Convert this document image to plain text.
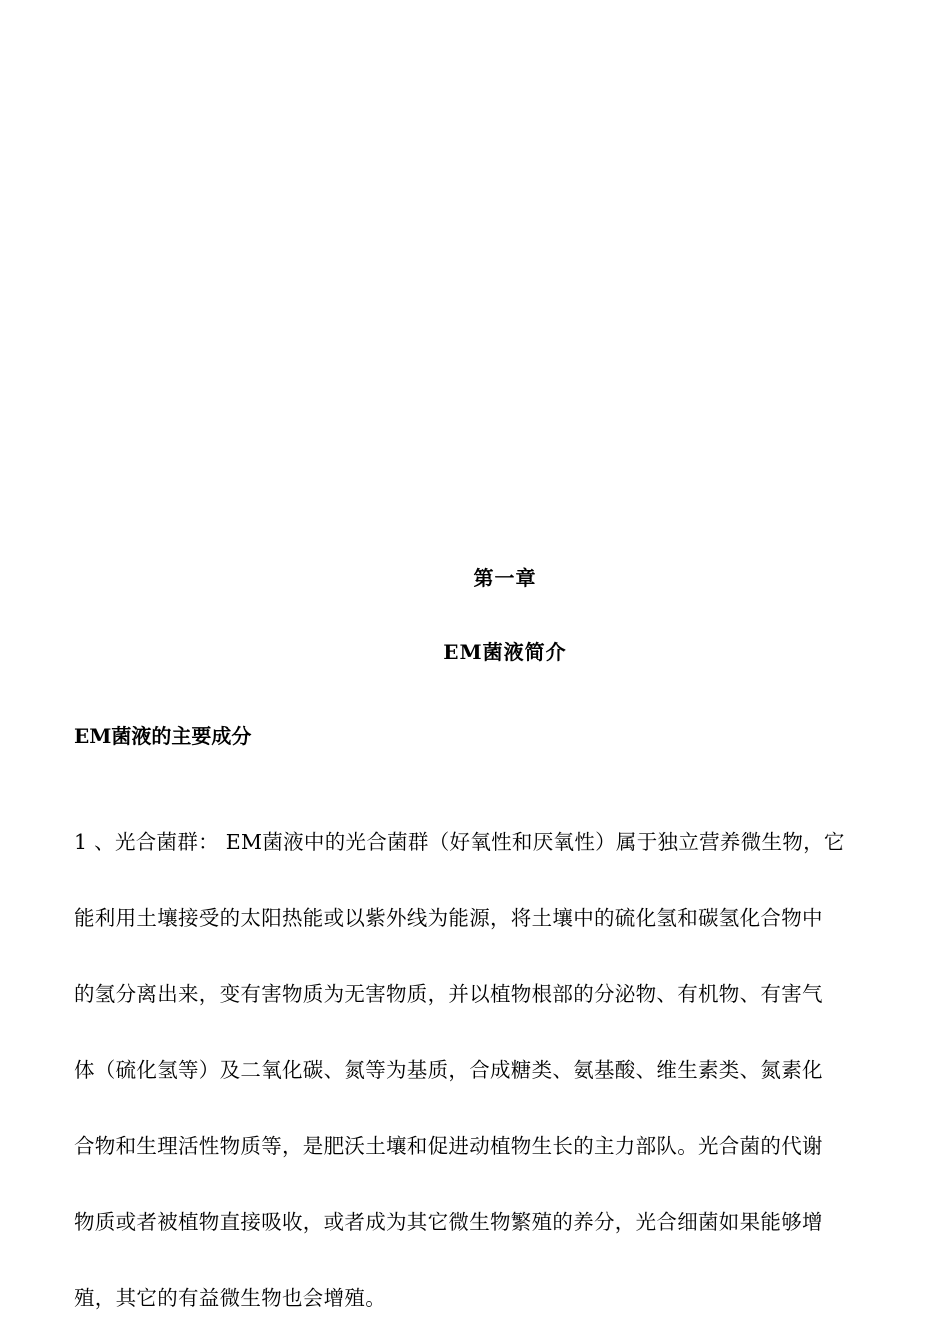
第一章
EM菌液简介
EM菌液的主要成分

1 、光合菌群： EM菌液中的光合菌群（好氧性和厌氧性）属于独立营养微生物，它
能利用土壤接受的太阳热能或以紫外线为能源，将土壤中的硫化氢和碳氢化合物中
的氢分离出来，变有害物质为无害物质，并以植物根部的分泌物、有机物、有害气
体（硫化氢等）及二氧化碳、氮等为基质，合成糖类、氨基酸、维生素类、氮素化
合物和生理活性物质等，是肥沃土壤和促进动植物生长的主力部队。光合菌的代谢
物质或者被植物直接吸收，或者成为其它微生物繁殖的养分，光合细菌如果能够增
殖，其它的有益微生物也会增殖。
